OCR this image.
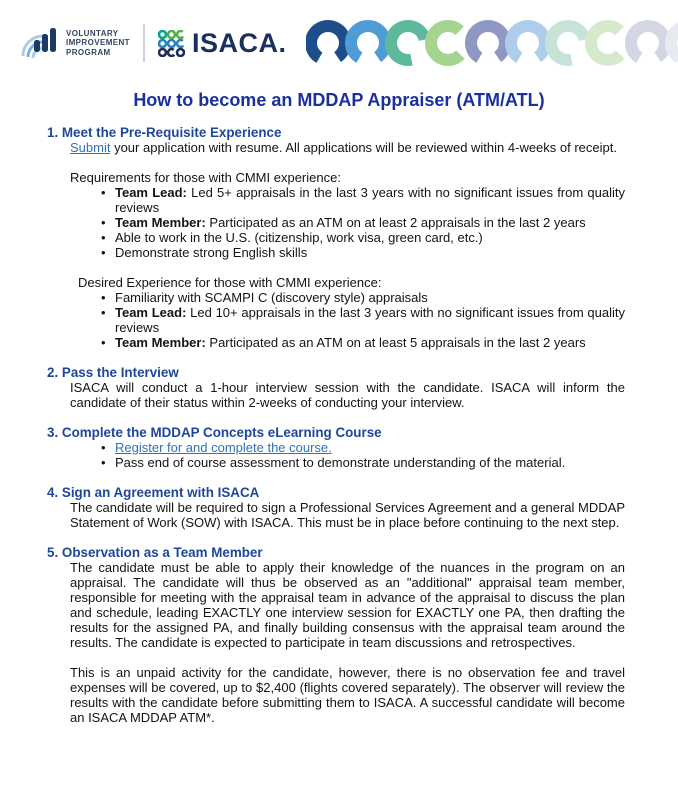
VOLUNTARY
IMPROVEMENT
PROGRAM	ISACA.
How to become an MDDAP Appraiser (ATM/ATL)
1. Meet the Pre-Requisite Experience

Submit your application with resume. All applications will be reviewed within 4-weeks of receipt.

Requirements for those with CMMI experience:
• Team Lead: Led 5+ appraisals in the last 3 years with no significant issues from quality reviews
• Team Member: Participated as an ATM on at least 2 appraisals in the last 2 years
• Able to work in the U.S. (citizenship, work visa, green card, etc.)
• Demonstrate strong English skills
Desired Experience for those with CMMI experience:
• Familiarity with SCAMPI C (discovery style) appraisals
• Team Lead: Led 10+ appraisals in the last 3 years with no significant issues from quality reviews
• Team Member: Participated as an ATM on at least 5 appraisals in the last 2 years
2. Pass the Interview

ISACA will conduct a 1-hour interview session with the candidate. ISACA will inform the candidate of their status within 2-weeks of conducting your interview.

3. Complete the MDDAP Concepts eLearning Course
• Register for and complete the course.
• Pass end of course assessment to demonstrate understanding of the material.
4. Sign an Agreement with ISACA

The candidate will be required to sign a Professional Services Agreement and a general MDDAP Statement of Work (SOW) with ISACA. This must be in place before continuing to the next step.

5. Observation as a Team Member

The candidate must be able to apply their knowledge of the nuances in the program on an appraisal. The candidate will thus be observed as an "additional" appraisal team member, responsible for meeting with the appraisal team in advance of the appraisal to discuss the plan and schedule, leading EXACTLY one interview session for EXACTLY one PA, then drafting the results for the assigned PA, and finally building consensus with the appraisal team around the results. The candidate is expected to participate in team discussions and retrospectives.

This is an unpaid activity for the candidate, however, there is no observation fee and travel expenses will be covered, up to $2,400 (flights covered separately). The observer will review the results with the candidate before submitting them to ISACA. A successful candidate will become an ISACA MDDAP ATM*.
